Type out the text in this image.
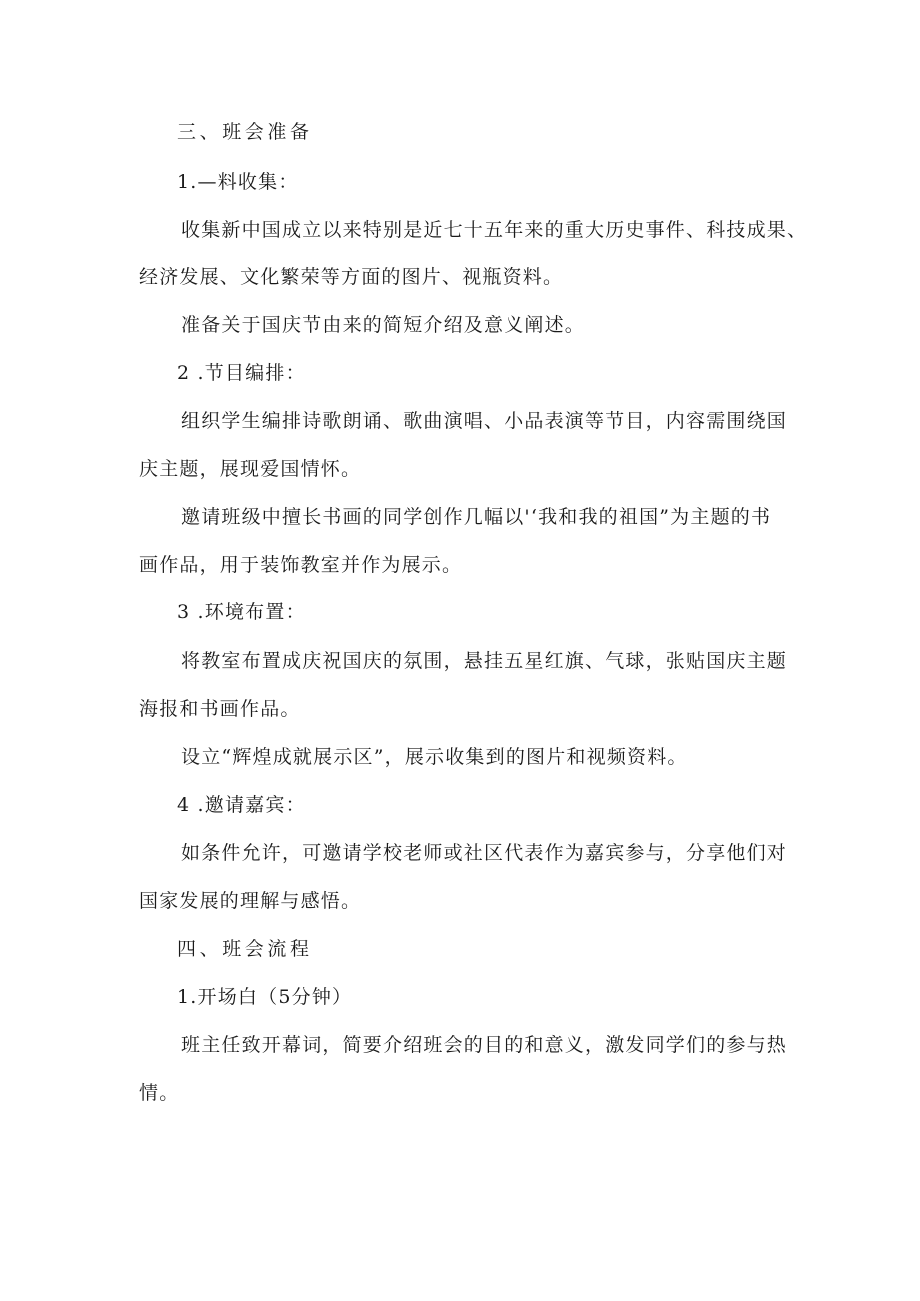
三、班会准备
1.—料收集：
收集新中国成立以来特别是近七十五年来的重大历史事件、科技成果、
经济发展、文化繁荣等方面的图片、视瓶资料。
准备关于国庆节由来的简短介绍及意义阐述。
2 .节目编排：
组织学生编排诗歌朗诵、歌曲演唱、小品表演等节目，内容需围绕国
庆主题，展现爱国情怀。
邀请班级中擅长书画的同学创作几幅以'‘我和我的祖国”为主题的书
画作品，用于装饰教室并作为展示。
3 .环境布置：
将教室布置成庆祝国庆的氛围，悬挂五星红旗、气球，张贴国庆主题
海报和书画作品。
设立“辉煌成就展示区”，展示收集到的图片和视频资料。
4 .邀请嘉宾：
如条件允许，可邀请学校老师或社区代表作为嘉宾参与，分享他们对
国家发展的理解与感悟。
四、班会流程
1.开场白（5分钟）
班主任致开幕词，简要介绍班会的目的和意义，激发同学们的参与热
情。
